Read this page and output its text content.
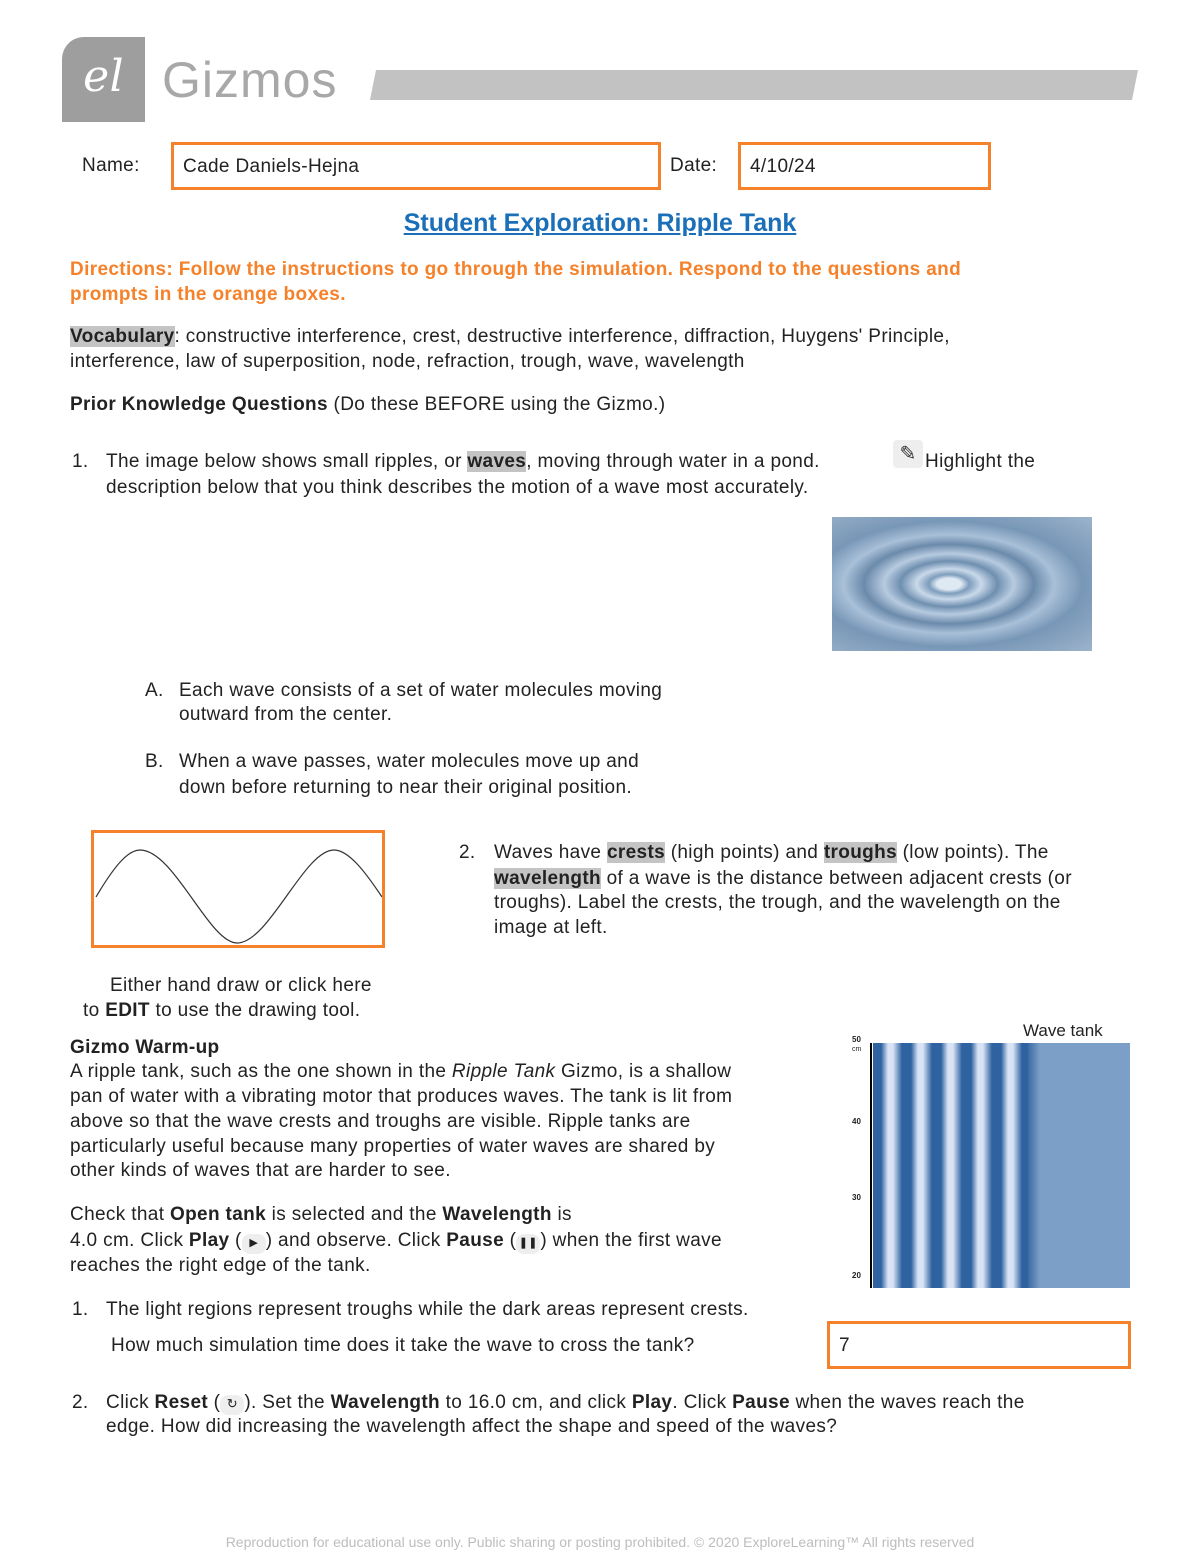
el Gizmos
Name: Cade Daniels-Hejna	Date: 4/10/24
Student Exploration: Ripple Tank
Directions: Follow the instructions to go through the simulation. Respond to the questions and
prompts in the orange boxes.
Vocabulary: constructive interference, crest, destructive interference, diffraction, Huygens' Principle,
interference, law of superposition, node, refraction, trough, wave, wavelength
Prior Knowledge Questions (Do these BEFORE using the Gizmo.)
1. The image below shows small ripples, or waves, moving through water in a pond.	✎ Highlight the
description below that you think describes the motion of a wave most accurately.
A. Each wave consists of a set of water molecules moving
outward from the center.
B. When a wave passes, water molecules move up and
down before returning to near their original position.
2. Waves have crests (high points) and troughs (low points). The
wavelength of a wave is the distance between adjacent crests (or
troughs). Label the crests, the trough, and the wavelength on the
image at left.
Either hand draw or click here
to EDIT to use the drawing tool.
Gizmo Warm-up
A ripple tank, such as the one shown in the Ripple Tank Gizmo, is a shallow
pan of water with a vibrating motor that produces waves. The tank is lit from
above so that the wave crests and troughs are visible. Ripple tanks are
particularly useful because many properties of water waves are shared by
other kinds of waves that are harder to see.
Check that Open tank is selected and the Wavelength is
4.0 cm. Click Play ( ▶ ) and observe. Click Pause ( ❚❚ ) when the first wave
reaches the right edge of the tank.
Wave tank
50
cm
40
30
20
1. The light regions represent troughs while the dark areas represent crests.
How much simulation time does it take the wave to cross the tank?	7
2. Click Reset ( ↻ ). Set the Wavelength to 16.0 cm, and click Play. Click Pause when the waves reach the
edge. How did increasing the wavelength affect the shape and speed of the waves?
Reproduction for educational use only. Public sharing or posting prohibited. © 2020 ExploreLearning™ All rights reserved
